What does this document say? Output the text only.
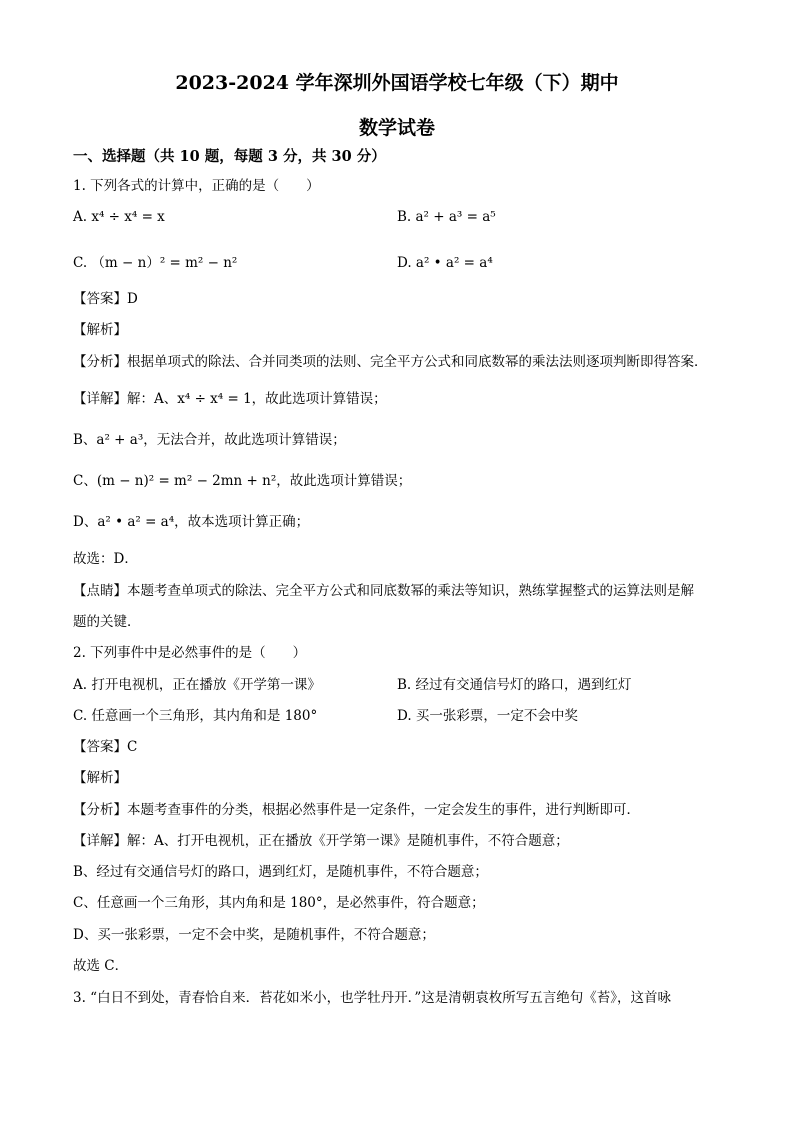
2023-2024 学年深圳外国语学校七年级（下）期中
数学试卷
一、选择题（共 10 题，每题 3 分，共 30 分）
1. 下列各式的计算中，正确的是（　　）
A. x⁴ ÷ x⁴ = x	B. a² + a³ = a⁵
C. （m − n）² = m² − n²	D. a² • a² = a⁴
【答案】D
【解析】
【分析】根据单项式的除法、合并同类项的法则、完全平方公式和同底数幂的乘法法则逐项判断即得答案．
【详解】解：A、x⁴ ÷ x⁴ = 1，故此选项计算错误；
B、a² + a³，无法合并，故此选项计算错误；
C、(m − n)² = m² − 2mn + n²，故此选项计算错误；
D、a² • a² = a⁴，故本选项计算正确；
故选：D．
【点睛】本题考查单项式的除法、完全平方公式和同底数幂的乘法等知识，熟练掌握整式的运算法则是解
题的关键．
2. 下列事件中是必然事件的是（　　）
A. 打开电视机，正在播放《开学第一课》	B. 经过有交通信号灯的路口，遇到红灯
C. 任意画一个三角形，其内角和是 180°	D. 买一张彩票，一定不会中奖
【答案】C
【解析】
【分析】本题考查事件的分类，根据必然事件是一定条件，一定会发生的事件，进行判断即可．
【详解】解：A、打开电视机，正在播放《开学第一课》是随机事件，不符合题意；
B、经过有交通信号灯的路口，遇到红灯，是随机事件，不符合题意；
C、任意画一个三角形，其内角和是 180°，是必然事件，符合题意；
D、买一张彩票，一定不会中奖，是随机事件，不符合题意；
故选 C．
3. “白日不到处，青春恰自来．苔花如米小，也学牡丹开．”这是清朝袁枚所写五言绝句《苔》，这首咏
